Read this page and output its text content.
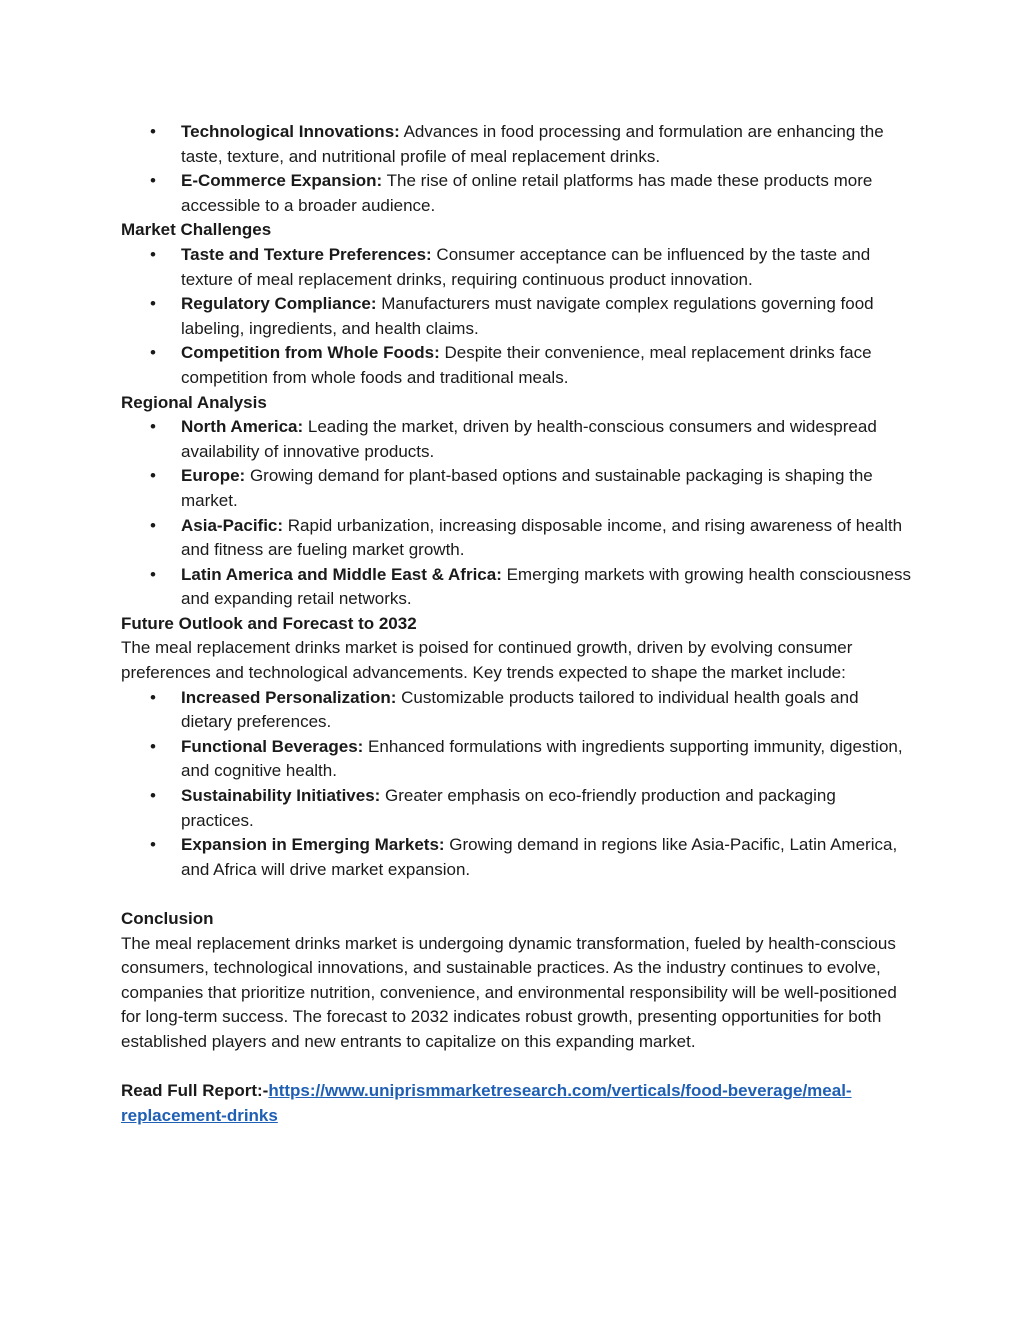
• Technological Innovations: Advances in food processing and formulation are enhancing the taste, texture, and nutritional profile of meal replacement drinks.
• E-Commerce Expansion: The rise of online retail platforms has made these products more accessible to a broader audience.

Market Challenges

• Taste and Texture Preferences: Consumer acceptance can be influenced by the taste and texture of meal replacement drinks, requiring continuous product innovation.
• Regulatory Compliance: Manufacturers must navigate complex regulations governing food labeling, ingredients, and health claims.
• Competition from Whole Foods: Despite their convenience, meal replacement drinks face competition from whole foods and traditional meals.

Regional Analysis

• North America: Leading the market, driven by health-conscious consumers and widespread availability of innovative products.
• Europe: Growing demand for plant-based options and sustainable packaging is shaping the market.
• Asia-Pacific: Rapid urbanization, increasing disposable income, and rising awareness of health and fitness are fueling market growth.
• Latin America and Middle East & Africa: Emerging markets with growing health consciousness and expanding retail networks.

Future Outlook and Forecast to 2032

The meal replacement drinks market is poised for continued growth, driven by evolving consumer preferences and technological advancements. Key trends expected to shape the market include:

• Increased Personalization: Customizable products tailored to individual health goals and dietary preferences.
• Functional Beverages: Enhanced formulations with ingredients supporting immunity, digestion, and cognitive health.
• Sustainability Initiatives: Greater emphasis on eco-friendly production and packaging practices.
• Expansion in Emerging Markets: Growing demand in regions like Asia-Pacific, Latin America, and Africa will drive market expansion.

Conclusion

The meal replacement drinks market is undergoing dynamic transformation, fueled by health-conscious consumers, technological innovations, and sustainable practices. As the industry continues to evolve, companies that prioritize nutrition, convenience, and environmental responsibility will be well-positioned for long-term success. The forecast to 2032 indicates robust growth, presenting opportunities for both established players and new entrants to capitalize on this expanding market.

Read Full Report:-https://www.uniprismmarketresearch.com/verticals/food-beverage/meal-replacement-drinks
